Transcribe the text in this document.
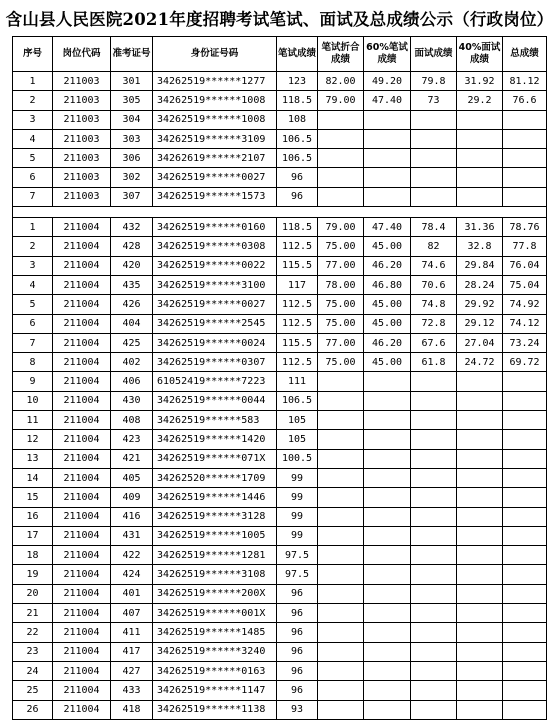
含山县人民医院2021年度招聘考试笔试、面试及总成绩公示（行政岗位）
序号	岗位代码	准考证号	身份证号码	笔试成绩	笔试折合成绩	60%笔试成绩	面试成绩	40%面试成绩	总成绩
1	211003	301	34262519******1277	123	82.00	49.20	79.8	31.92	81.12
2	211003	305	34262519******1008	118.5	79.00	47.40	73	29.2	76.6
3	211003	304	34262519******1008	108					
4	211003	303	34262519******3109	106.5					
5	211003	306	34262619******2107	106.5					
6	211003	302	34262519******0027	96					
7	211003	307	34262519******1573	96					

1	211004	432	34262519******0160	118.5	79.00	47.40	78.4	31.36	78.76
2	211004	428	34262519******0308	112.5	75.00	45.00	82	32.8	77.8
3	211004	420	34262519******0022	115.5	77.00	46.20	74.6	29.84	76.04
4	211004	435	34262519******3100	117	78.00	46.80	70.6	28.24	75.04
5	211004	426	34262519******0027	112.5	75.00	45.00	74.8	29.92	74.92
6	211004	404	34262519******2545	112.5	75.00	45.00	72.8	29.12	74.12
7	211004	425	34262519******0024	115.5	77.00	46.20	67.6	27.04	73.24
8	211004	402	34262519******0307	112.5	75.00	45.00	61.8	24.72	69.72
9	211004	406	61052419******7223	111					
10	211004	430	34262519******0044	106.5					
11	211004	408	34262519******583	105					
12	211004	423	34262519******1420	105					
13	211004	421	34262519******071X	100.5					
14	211004	405	34262520******1709	99					
15	211004	409	34262519******1446	99					
16	211004	416	34262519******3128	99					
17	211004	431	34262519******1005	99					
18	211004	422	34262519******1281	97.5					
19	211004	424	34262519******3108	97.5					
20	211004	401	34262519******200X	96					
21	211004	407	34262519******001X	96					
22	211004	411	34262519******1485	96					
23	211004	417	34262519******3240	96					
24	211004	427	34262519******0163	96					
25	211004	433	34262519******1147	96					
26	211004	418	34262519******1138	93					
